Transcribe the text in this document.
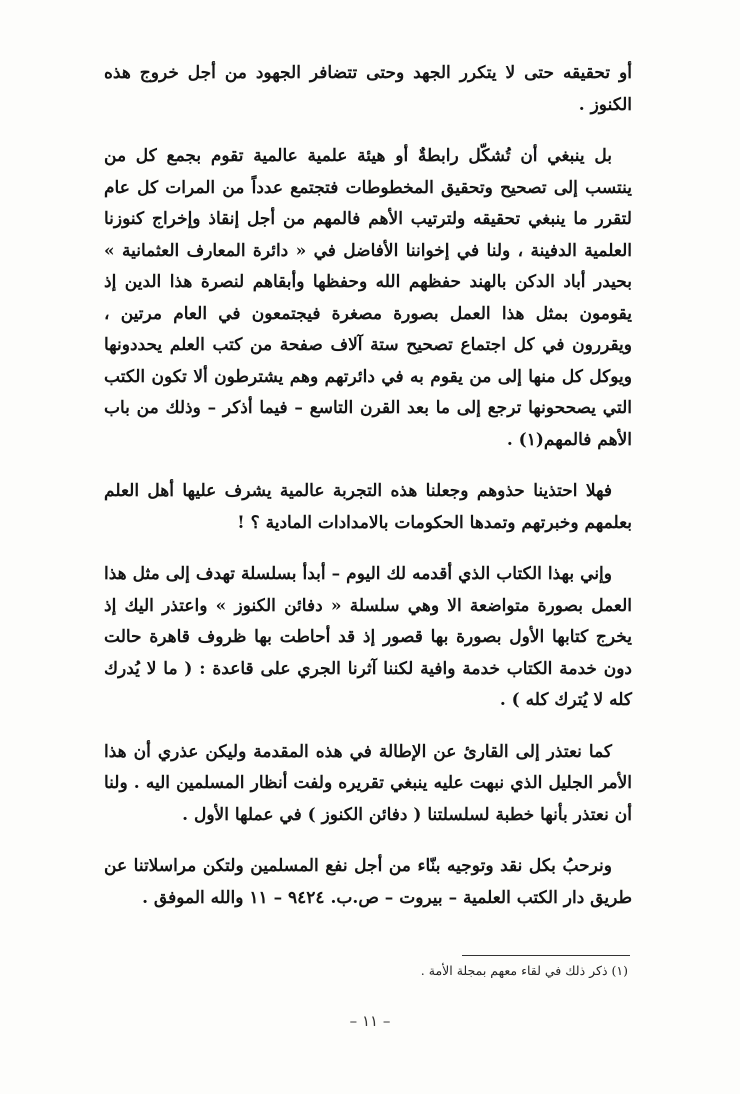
أو تحقيقه حتى لا يتكرر الجهد وحتى تتضافر الجهود من أجل خروج هذه الكنوز .

بل ينبغي أن تُشكّل رابطةٌ أو هيئة علمية عالمية تقوم بجمع كل من ينتسب إلى تصحيح وتحقيق المخطوطات فتجتمع عدداً من المرات كل عام لتقرر ما ينبغي تحقيقه ولترتيب الأهم فالمهم من أجل إنقاذ وإخراج كنوزنا العلمية الدفينة ، ولنا في إخواننا الأفاضل في « دائرة المعارف العثمانية » بحيدر أباد الدكن بالهند حفظهم الله وحفظها وأبقاهم لنصرة هذا الدين إذ يقومون بمثل هذا العمل بصورة مصغرة فيجتمعون في العام مرتين ، ويقررون في كل اجتماع تصحيح ستة آلاف صفحة من كتب العلم يحددونها ويوكل كل منها إلى من يقوم به في دائرتهم وهم يشترطون ألا تكون الكتب التي يصححونها ترجع إلى ما بعد القرن التاسع – فيما أذكر – وذلك من باب الأهم فالمهم(١) .

فهلا احتذينا حذوهم وجعلنا هذه التجربة عالمية يشرف عليها أهل العلم بعلمهم وخبرتهم وتمدها الحكومات بالامدادات المادية ؟ !

وإني بهذا الكتاب الذي أقدمه لك اليوم – أبدأ بسلسلة تهدف إلى مثل هذا العمل بصورة متواضعة الا وهي سلسلة « دفائن الكنوز » واعتذر اليك إذ يخرج كتابها الأول بصورة بها قصور إذ قد أحاطت بها ظروف قاهرة حالت دون خدمة الكتاب خدمة وافية لكننا آثرنا الجري على قاعدة : ( ما لا يُدرك كله لا يُترك كله ) .

كما نعتذر إلى القارئ عن الإطالة في هذه المقدمة وليكن عذري أن هذا الأمر الجليل الذي نبهت عليه ينبغي تقريره ولفت أنظار المسلمين اليه . ولنا أن نعتذر بأنها خطبة لسلسلتنا ( دفائن الكنوز ) في عملها الأول .

ونرحبُ بكل نقد وتوجيه بنّاء من أجل نفع المسلمين ولتكن مراسلاتنا عن طريق دار الكتب العلمية – بيروت – ص.ب. ٩٤٢٤ – ١١ والله الموفق .

(١) ذكر ذلك في لقاء معهم بمجلة الأمة .
– ١١ –
